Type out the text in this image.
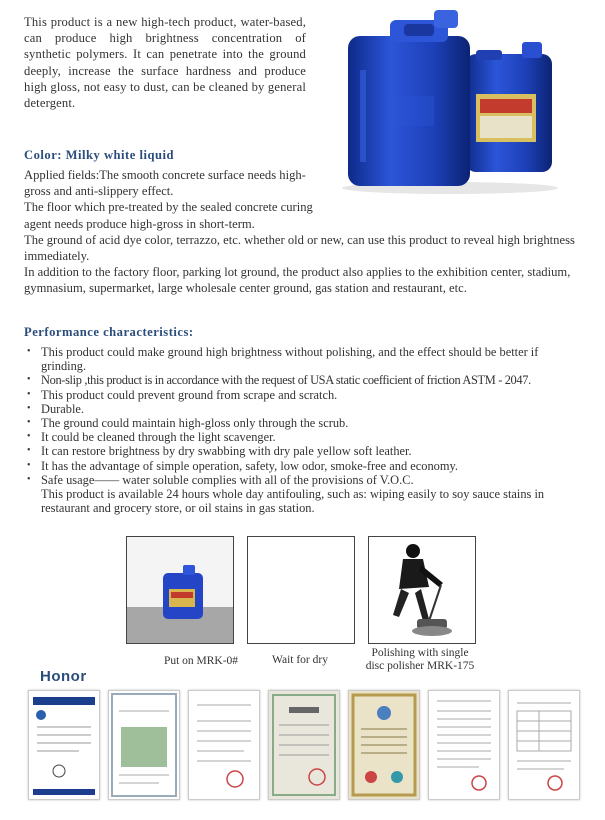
This product is a new high-tech product, water-based, can produce high brightness concentration of synthetic polymers. It can penetrate into the ground deeply, increase the surface hardness and produce high gloss, not easy to dust, can be cleaned by general detergent.
Color: Milky white liquid

Applied fields:The smooth concrete surface needs high-gross and anti-slippery effect.

The floor which pre-treated by the sealed concrete curing agent needs produce high-gross in short-term.

The ground of acid dye color, terrazzo, etc. whether old or new, can use this product to reveal high brightness immediately.

In addition to the factory floor, parking lot ground, the product also applies to the exhibition center, stadium, gymnasium, supermarket, large wholesale center ground, gas station and restaurant, etc.

Performance characteristics:
• This product could make ground high brightness without polishing, and the effect should be better if grinding.
• Non-slip ,this product is in accordance with the request of USA static coefficient of friction ASTM - 2047.
• This product could prevent ground from scrape and scratch.
• Durable.
• The ground could maintain high-gloss only through the scrub.
• It could be cleaned through the light scavenger.
• It can restore brightness by dry swabbing with dry pale yellow soft leather.
• It has the advantage of simple operation, safety, low odor, smoke-free and economy.
• Safe usage—— water soluble complies with all of the provisions of V.O.C.
This product is available 24 hours whole day antifouling, such as: wiping easily to soy sauce stains in restaurant and grocery store, or oil stains in gas station.
Put on MRK-0#	Wait for dry
Polishing with single
disc polisher MRK-175
Honor
